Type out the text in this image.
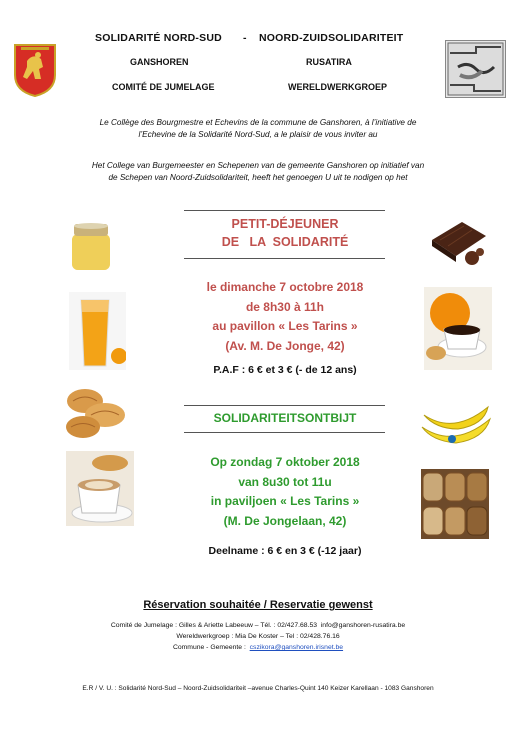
SOLIDARITÉ NORD-SUD - NOORD-ZUIDSOLIDARITEIT
GANSHOREN	RUSATIRA
COMITÉ DE JUMELAGE	WERELDWERKGROEP
Le Collège des Bourgmestre et Echevins de la commune de Ganshoren, à l’initiative de
l’Echevine de la Solidarité Nord-Sud, a le plaisir de vous inviter au
Het College van Burgemeester en Schepenen van de gemeente Ganshoren op initiatief van
de Schepen van Noord-Zuidsolidariteit, heeft het genoegen U uit te nodigen op het
PETIT-DÉJEUNER
DE   LA  SOLIDARITÉ
le dimanche 7 octobre 2018
de 8h30 à 11h
au pavillon « Les Tarins »
(Av. M. De Jonge, 42)
P.A.F : 6 € et 3 € (- de 12 ans)
SOLIDARITEITSONTBIJT
Op zondag 7 oktober 2018
van 8u30 tot 11u
in paviljoen « Les Tarins »
(M. De Jongelaan, 42)
Deelname : 6 € en 3 € (-12 jaar)
Réservation souhaitée / Reservatie gewenst
Comité de Jumelage : Gilles & Ariette Labeeuw – Tél. : 02/427.68.53 info@ganshoren-rusatira.be
Wereldwerkgroep : Mia De Koster – Tel : 02/428.76.16
Commune - Gemeente : cszikora@ganshoren.irisnet.be
E.R / V. U. : Solidarité Nord-Sud – Noord-Zuidsolidariteit –avenue Charles-Quint 140 Keizer Karellaan - 1083 Ganshoren
